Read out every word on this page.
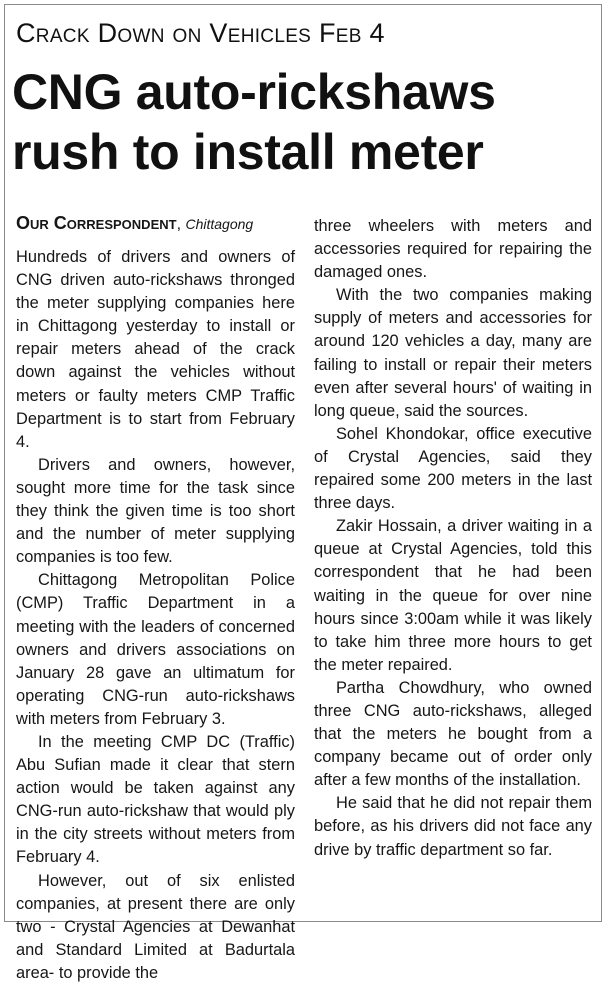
Crack Down on Vehicles Feb 4
CNG auto-rickshaws
rush to install meter
Our Correspondent, Chittagong

Hundreds of drivers and owners of CNG driven auto-rickshaws thronged the meter supplying companies here in Chittagong yesterday to install or repair meters ahead of the crack down against the vehicles without meters or faulty meters CMP Traffic Department is to start from February 4.

Drivers and owners, however, sought more time for the task since they think the given time is too short and the number of meter supplying companies is too few.

Chittagong Metropolitan Police (CMP) Traffic Department in a meeting with the leaders of concerned owners and drivers associations on January 28 gave an ultimatum for operating CNG-run auto-rickshaws with meters from February 3.

In the meeting CMP DC (Traffic) Abu Sufian made it clear that stern action would be taken against any CNG-run auto-rickshaw that would ply in the city streets without meters from February 4.

However, out of six enlisted companies, at present there are only two - Crystal Agencies at Dewanhat and Standard Limited at Badurtala area- to provide the

three wheelers with meters and accessories required for repairing the damaged ones.

With the two companies making supply of meters and accessories for around 120 vehicles a day, many are failing to install or repair their meters even after several hours' of waiting in long queue, said the sources.

Sohel Khondokar, office executive of Crystal Agencies, said they repaired some 200 meters in the last three days.

Zakir Hossain, a driver waiting in a queue at Crystal Agencies, told this correspondent that he had been waiting in the queue for over nine hours since 3:00am while it was likely to take him three more hours to get the meter repaired.

Partha Chowdhury, who owned three CNG auto-rickshaws, alleged that the meters he bought from a company became out of order only after a few months of the installation.

He said that he did not repair them before, as his drivers did not face any drive by traffic department so far.
